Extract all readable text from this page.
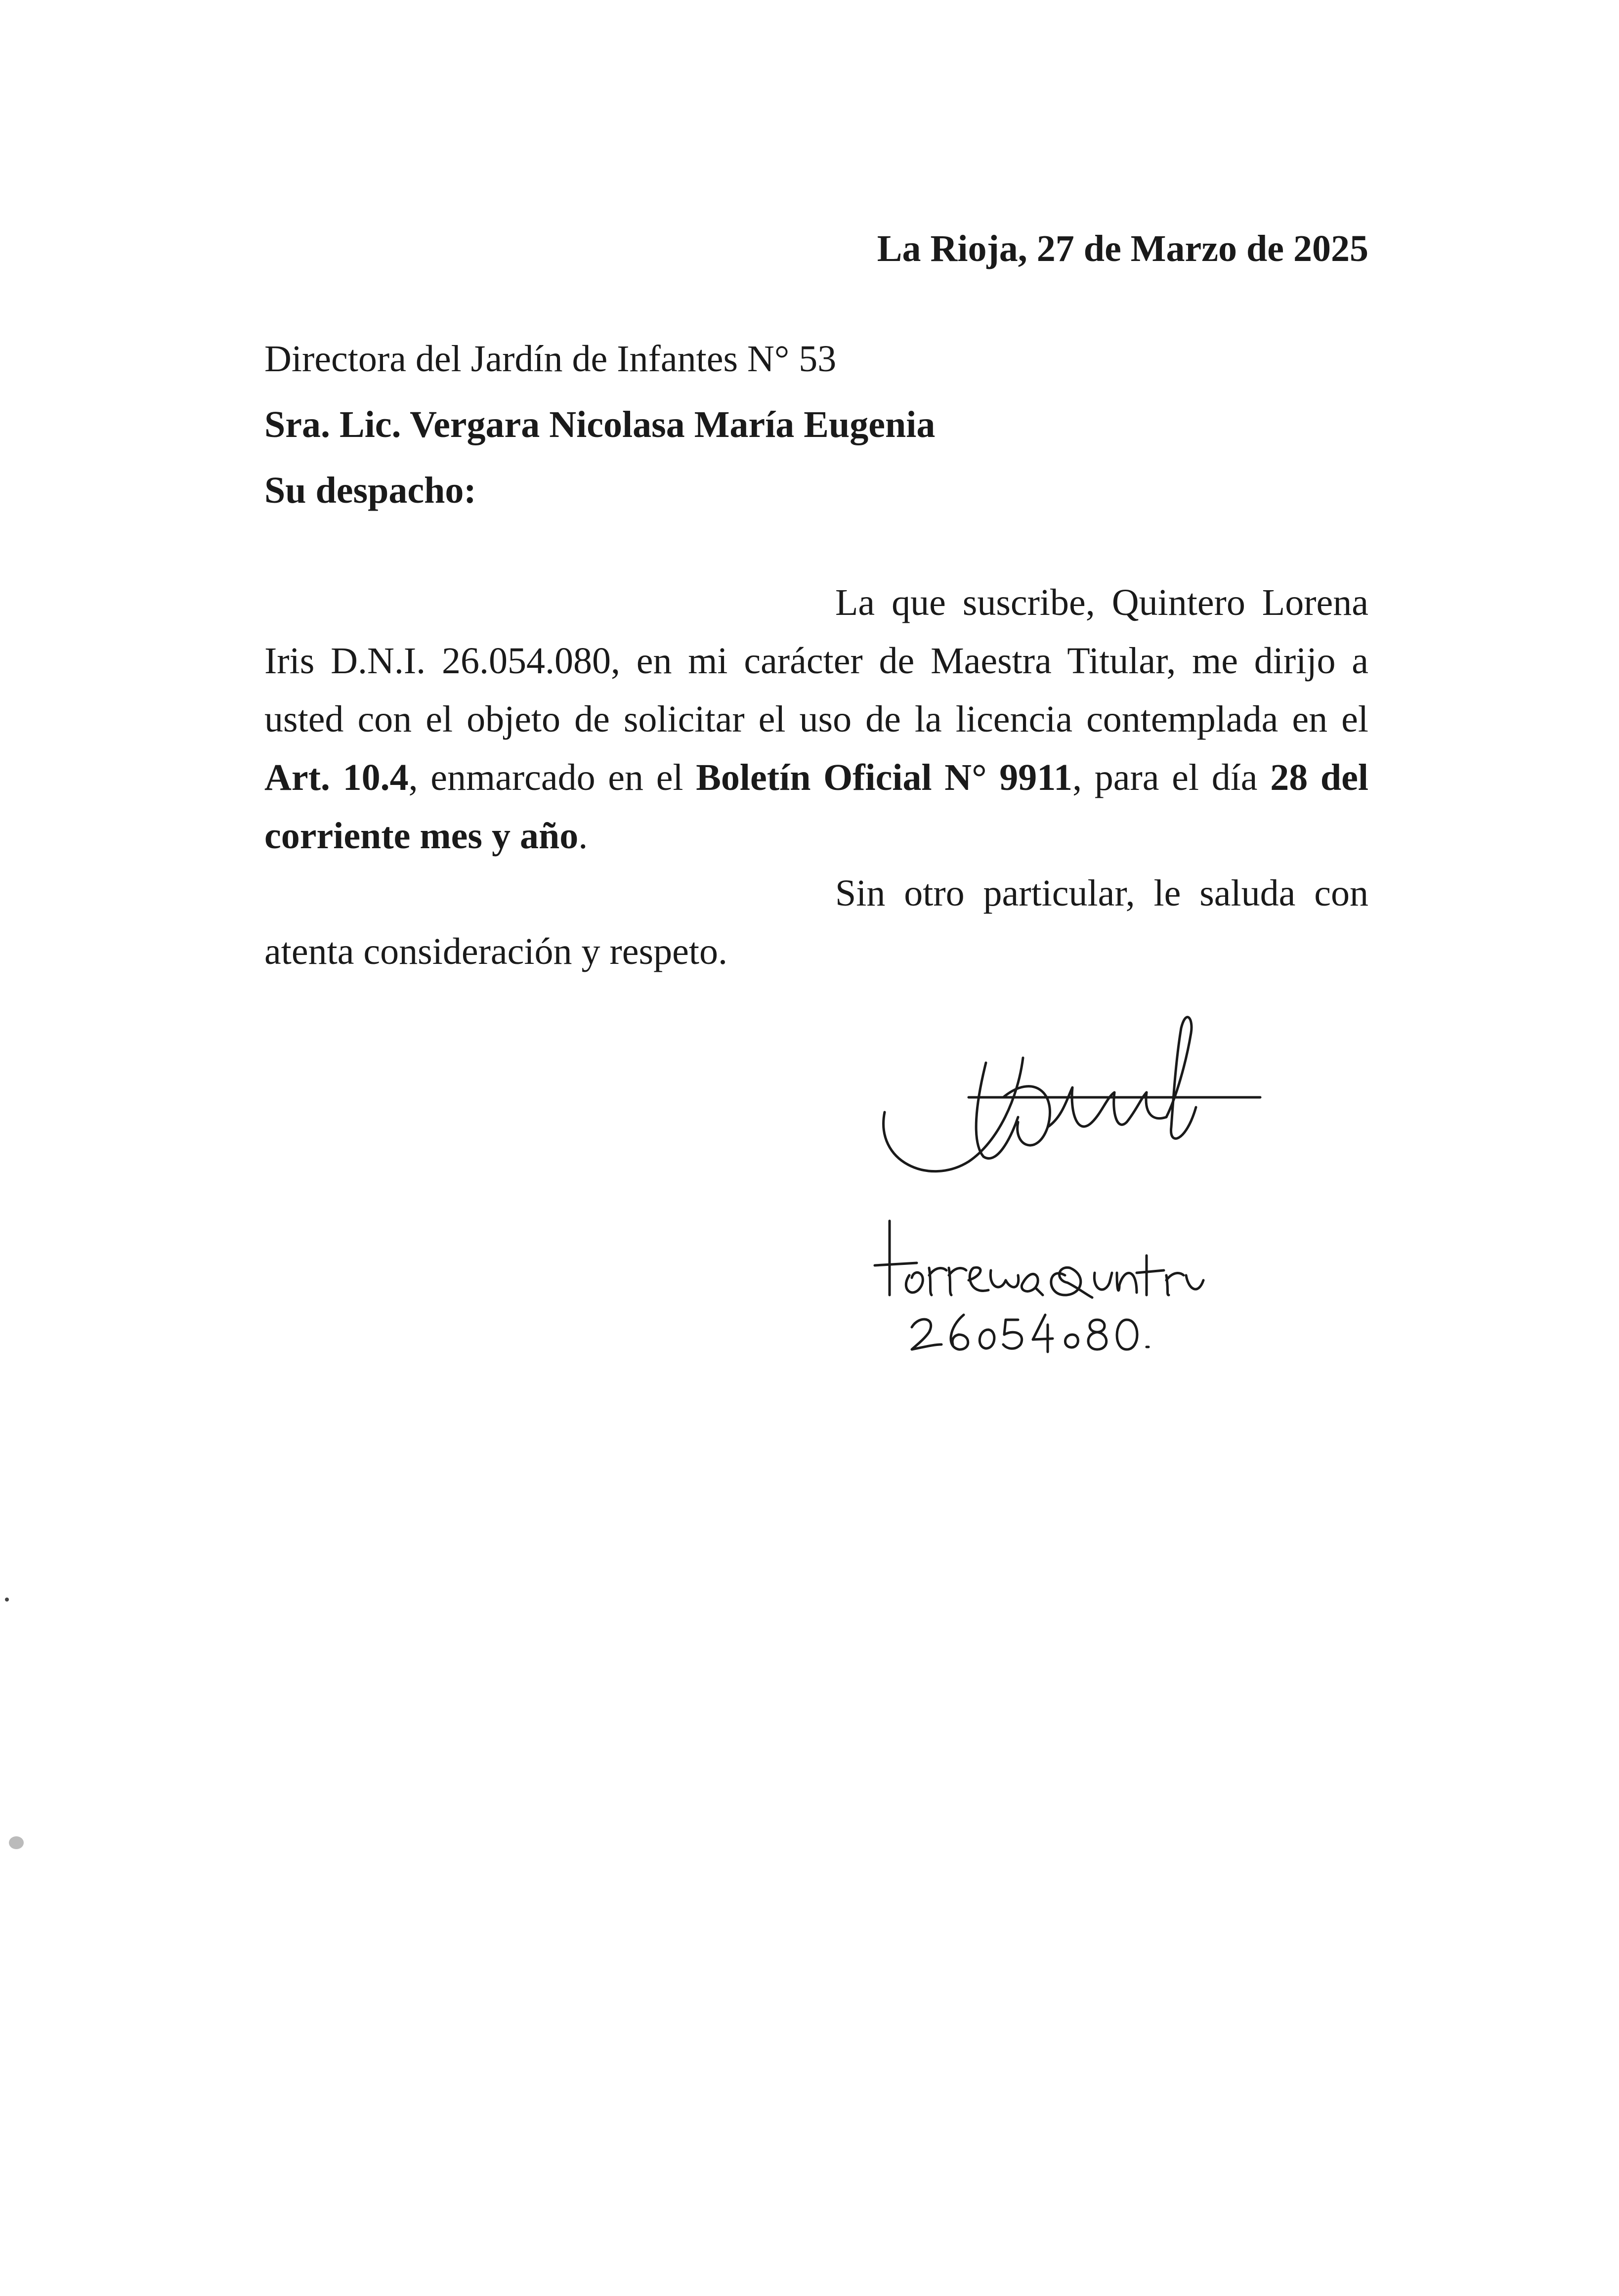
La Rioja, 27 de Marzo de 2025
Directora del Jardín de Infantes N° 53
Sra. Lic. Vergara Nicolasa María Eugenia
Su despacho:
La que suscribe, Quintero Lorena Iris D.N.I. 26.054.080, en mi carácter de Maestra Titular, me dirijo a usted con el objeto de solicitar el uso de la licencia contemplada en el Art. 10.4, enmarcado en el Boletín Oficial N° 9911, para el día 28 del corriente mes y año.
Sin otro particular, le saluda con atenta consideración y respeto.
